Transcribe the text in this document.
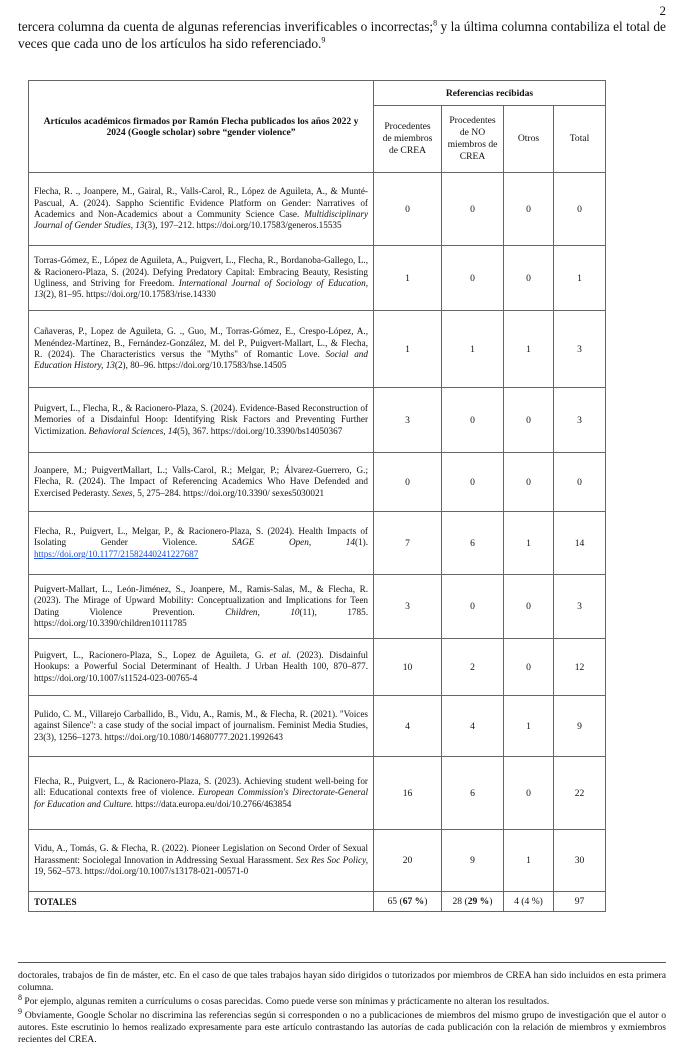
2
tercera columna da cuenta de algunas referencias inverificables o incorrectas;$^8$ y la última columna contabiliza el total de veces que cada uno de los artículos ha sido referenciado.$^9$
Artículos académicos firmados por Ramón Flecha publicados los años 2022 y 2024 (Google scholar) sobre “gender violence”	Referencias recibidas			
	Procedentes de miembros de CREA	Procedentes de NO miembros de CREA	Otros	Total
Flecha, R. ., Joanpere, M., Gairal, R., Valls-Carol, R., López de Aguileta, A., & Munté-Pascual, A. (2024). Sappho Scientific Evidence Platform on Gender: Narratives of Academics and Non-Academics about a Community Science Case. Multidisciplinary Journal of Gender Studies, 13(3), 197–212. https://doi.org/10.17583/generos.15535	0	0	0	0
Torras-Gómez, E., López de Aguileta, A., Puigvert, L., Flecha, R., Bordanoba-Gallego, L., & Racionero-Plaza, S. (2024). Defying Predatory Capital: Embracing Beauty, Resisting Ugliness, and Striving for Freedom. International Journal of Sociology of Education, 13(2), 81–95. https://doi.org/10.17583/rise.14330	1	0	0	1
Cañaveras, P., Lopez de Aguileta, G. ., Guo, M., Torras-Gómez, E., Crespo-López, A., Menéndez-Martínez, B., Fernández-González, M. del P., Puigvert-Mallart, L., & Flecha, R. (2024). The Characteristics versus the "Myths" of Romantic Love. Social and Education History, 13(2), 80–96. https://doi.org/10.17583/hse.14505	1	1	1	3
Puigvert, L., Flecha, R., & Racionero-Plaza, S. (2024). Evidence-Based Reconstruction of Memories of a Disdainful Hoop: Identifying Risk Factors and Preventing Further Victimization. Behavioral Sciences, 14(5), 367. https://doi.org/10.3390/bs14050367	3	0	0	3
Joanpere, M.; PuigvertMallart, L.; Valls-Carol, R.; Melgar, P.; Álvarez-Guerrero, G.; Flecha, R. (2024). The Impact of Referencing Academics Who Have Defended and Exercised Pederasty. Sexes, 5, 275–284. https://doi.org/10.3390/ sexes5030021	0	0	0	0
Flecha, R., Puigvert, L., Melgar, P., & Racionero-Plaza, S. (2024). Health Impacts of Isolating Gender Violence. SAGE Open, 14(1). https://doi.org/10.1177/21582440241227687	7	6	1	14
Puigvert-Mallart, L., León-Jiménez, S., Joanpere, M., Ramis-Salas, M., & Flecha, R. (2023). The Mirage of Upward Mobility: Conceptualization and Implications for Teen Dating Violence Prevention. Children, 10(11), 1785. https://doi.org/10.3390/children10111785	3	0	0	3
Puigvert, L., Racionero-Plaza, S., Lopez de Aguileta, G. et al. (2023). Disdainful Hookups: a Powerful Social Determinant of Health. J Urban Health 100, 870–877. https://doi.org/10.1007/s11524-023-00765-4	10	2	0	12
Pulido, C. M., Villarejo Carballido, B., Vidu, A., Ramis, M., & Flecha, R. (2021). "Voices against Silence": a case study of the social impact of journalism. Feminist Media Studies, 23(3), 1256–1273. https://doi.org/10.1080/14680777.2021.1992643	4	4	1	9
Flecha, R., Puigvert, L., & Racionero-Plaza, S. (2023). Achieving student well-being for all: Educational contexts free of violence. European Commission's Directorate-General for Education and Culture. https://data.europa.eu/doi/10.2766/463854	16	6	0	22
Vidu, A., Tomás, G. & Flecha, R. (2022). Pioneer Legislation on Second Order of Sexual Harassment: Sociolegal Innovation in Addressing Sexual Harassment. Sex Res Soc Policy, 19, 562–573. https://doi.org/10.1007/s13178-021-00571-0	20	9	1	30
TOTALES	65 (67 %)	28 (29 %)	4 (4 %)	97

doctorales, trabajos de fin de máster, etc. En el caso de que tales trabajos hayan sido dirigidos o tutorizados por miembros de CREA han sido incluidos en esta primera columna.

$^8$ Por ejemplo, algunas remiten a currículums o cosas parecidas. Como puede verse son mínimas y prácticamente no alteran los resultados.

$^9$ Obviamente, Google Scholar no discrimina las referencias según si corresponden o no a publicaciones de miembros del mismo grupo de investigación que el autor o autores. Este escrutinio lo hemos realizado expresamente para este artículo contrastando las autorías de cada publicación con la relación de miembros y exmiembros recientes del CREA.
